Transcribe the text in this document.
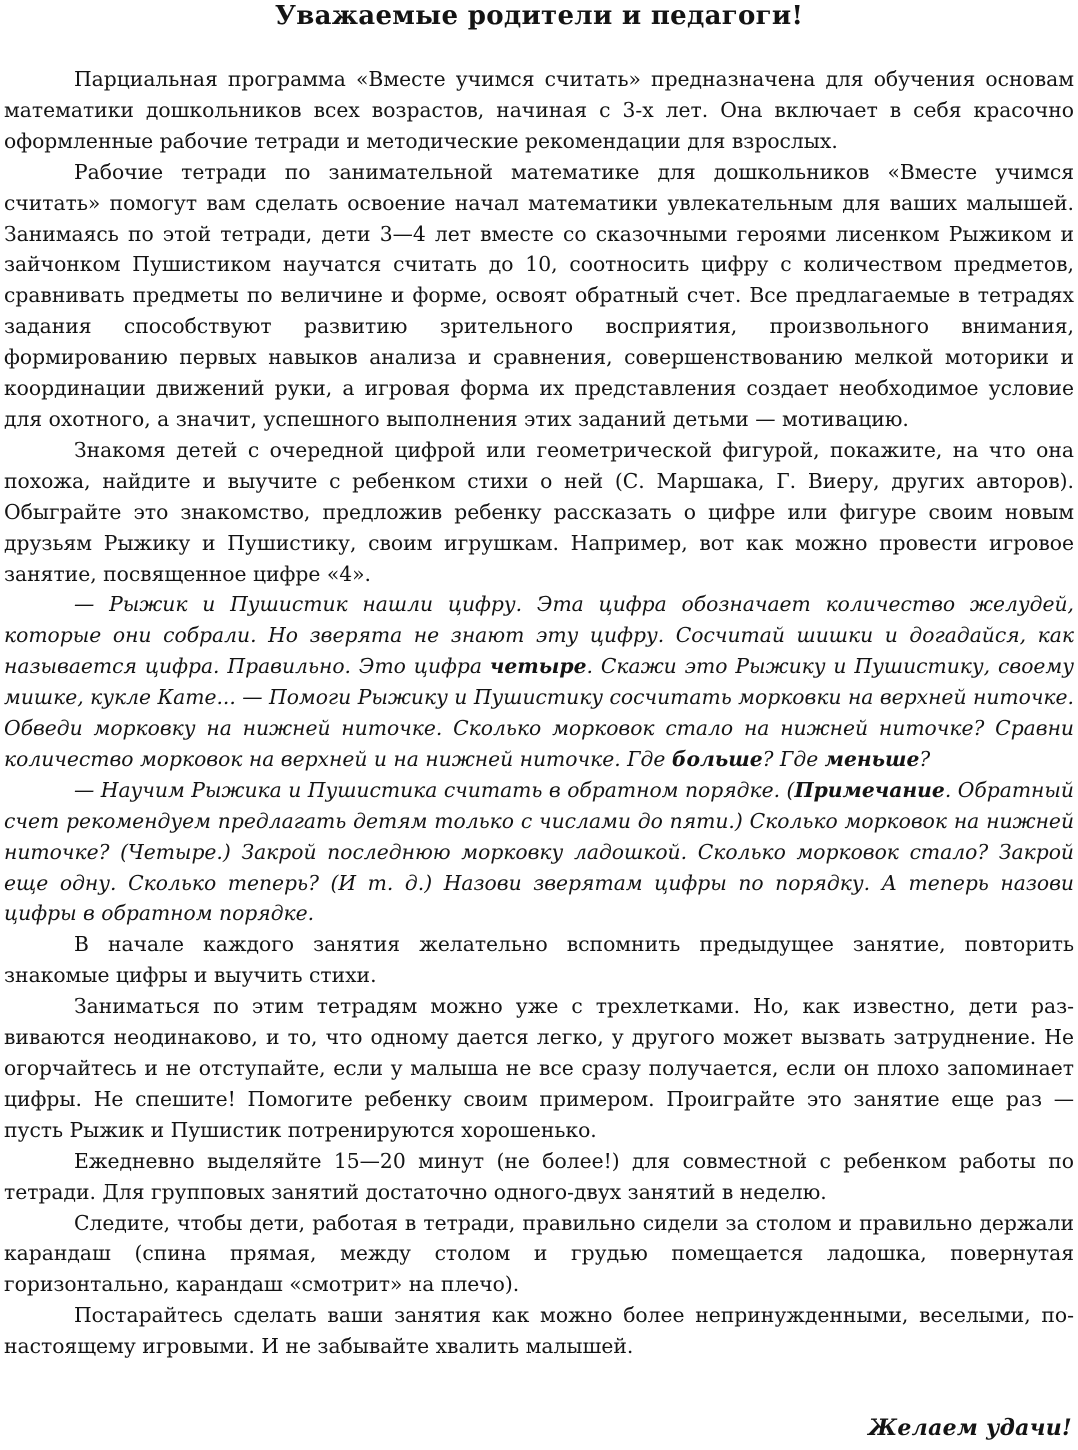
Уважаемые родители и педагоги!

Парциальная программа «Вместе учимся считать» предназначена для обучения основам математики дошкольников всех возрастов, начиная с 3-х лет. Она включает в себя красочно оформленные рабочие тетради и методические рекомендации для взрослых.

Рабочие тетради по занимательной математике для дошкольников «Вместе учимся считать» помогут вам сделать освоение начал математики увлекательным для ваших малышей. Занимаясь по этой тетради, дети 3—4 лет вместе со сказочными героями лисенком Рыжиком и зайчонком Пушистиком научатся считать до 10, соотносить цифру с количеством предметов, сравнивать предметы по величине и форме, освоят обратный счет. Все предлагаемые в тетрадях задания способствуют развитию зрительного восприятия, произвольного внимания, формированию первых навыков анализа и сравнения, совершенствованию мелкой моторики и координации движений руки, а игровая форма их представления создает необходимое условие для охотного, а значит, успешного выполнения этих заданий детьми — мотивацию.

Знакомя детей с очередной цифрой или геометрической фигурой, покажите, на что она похожа, найдите и выучите с ребенком стихи о ней (С. Маршака, Г. Виеру, других авторов). Обыграйте это знакомство, предложив ребенку рассказать о цифре или фигуре своим новым друзьям Рыжику и Пушистику, своим игрушкам. Например, вот как можно провести игровое занятие, посвященное цифре «4».

— Рыжик и Пушистик нашли цифру. Эта цифра обозначает количество желудей, которые они собрали. Но зверята не знают эту цифру. Сосчитай шишки и догадайся, как называется цифра. Правильно. Это цифра четыре. Скажи это Рыжику и Пушистику, своему мишке, кукле Кате... — Помоги Рыжику и Пушистику сосчитать морковки на верхней ниточке. Обведи морковку на нижней ниточке. Сколько морковок стало на нижней ниточке? Сравни количество морковок на верхней и на нижней ниточке. Где больше? Где меньше?

— Научим Рыжика и Пушистика считать в обратном порядке. (Примечание. Обратный счет рекомендуем предлагать детям только с числами до пяти.) Сколько морковок на нижней ниточке? (Четыре.) Закрой последнюю морковку ладошкой. Сколько морковок стало? Закрой еще одну. Сколько теперь? (И т. д.) Назови зверятам цифры по порядку. А теперь назови цифры в обратном порядке.

В начале каждого занятия желательно вспомнить предыдущее занятие, повторить знакомые цифры и выучить стихи.

Заниматься по этим тетрадям можно уже с трехлетками. Но, как известно, дети развиваются неодинаково, и то, что одному дается легко, у другого может вызвать затруднение. Не огорчайтесь и не отступайте, если у малыша не все сразу получается, если он плохо запоминает цифры. Не спешите! Помогите ребенку своим примером. Проиграйте это занятие еще раз — пусть Рыжик и Пушистик потренируются хорошенько.

Ежедневно выделяйте 15—20 минут (не более!) для совместной с ребенком работы по тетради. Для групповых занятий достаточно одного-двух занятий в неделю.

Следите, чтобы дети, работая в тетради, правильно сидели за столом и правильно держали карандаш (спина прямая, между столом и грудью помещается ладошка, повернутая горизонтально, карандаш «смотрит» на плечо).

Постарайтесь сделать ваши занятия как можно более непринужденными, веселыми, по-настоящему игровыми. И не забывайте хвалить малышей.

Желаем удачи!
